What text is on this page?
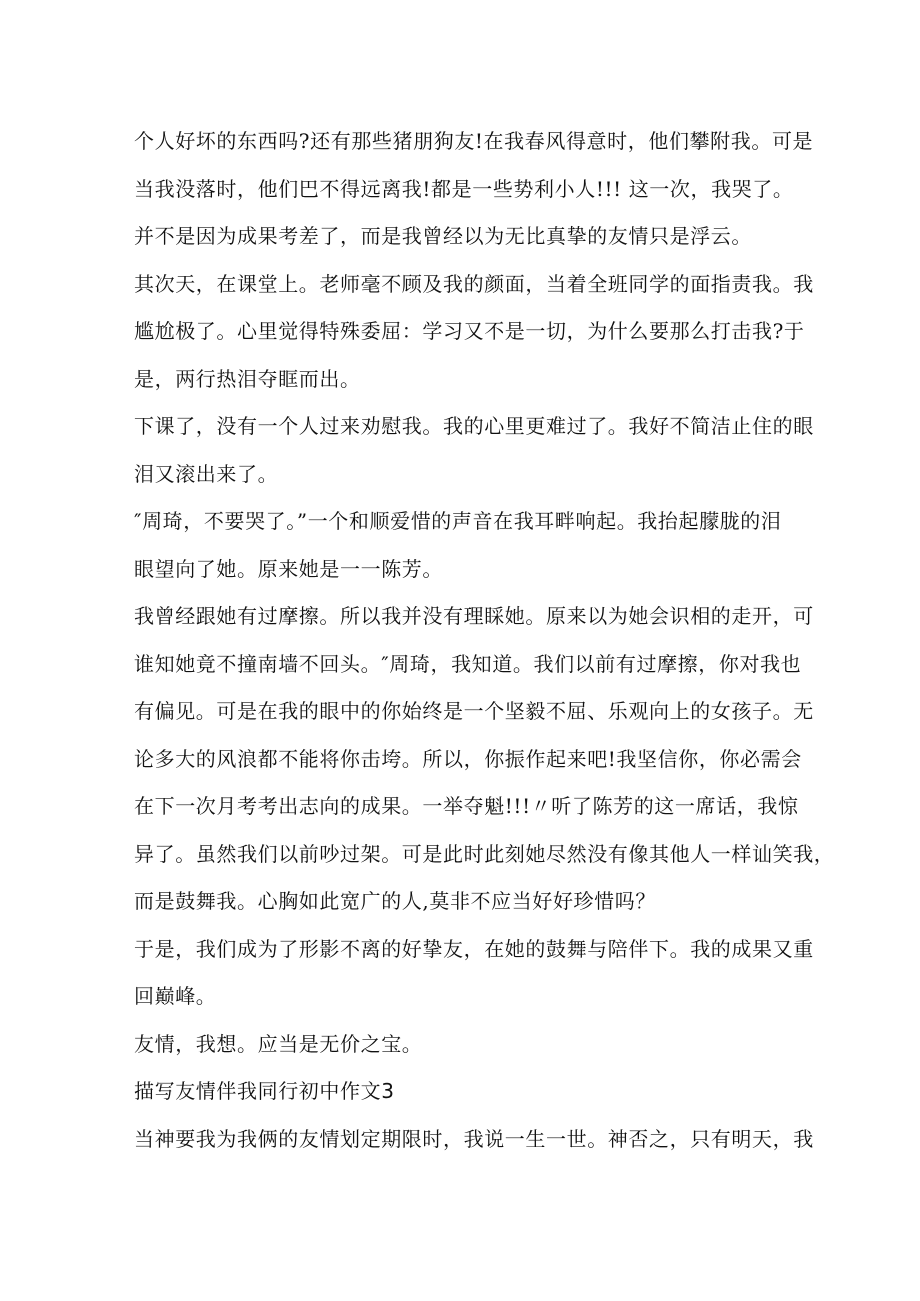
个人好坏的东西吗?还有那些猪朋狗友!在我春风得意时，他们攀附我。可是
当我没落时，他们巴不得远离我!都是一些势利小人!!! 这一次，我哭了。
并不是因为成果考差了，而是我曾经以为无比真挚的友情只是浮云。
其次天，在课堂上。老师毫不顾及我的颜面，当着全班同学的面指责我。我
尴尬极了。心里觉得特殊委屈：学习又不是一切，为什么要那么打击我?于
是，两行热泪夺眶而出。
下课了，没有一个人过来劝慰我。我的心里更难过了。我好不简洁止住的眼
泪又滚出来了。
″周琦，不要哭了。”一个和顺爱惜的声音在我耳畔响起。我抬起朦胧的泪
眼望向了她。原来她是一一陈芳。
我曾经跟她有过摩擦。所以我并没有理睬她。原来以为她会识相的走开，可
谁知她竟不撞南墙不回头。″周琦，我知道。我们以前有过摩擦，你对我也
有偏见。可是在我的眼中的你始终是一个坚毅不屈、乐观向上的女孩子。无
论多大的风浪都不能将你击垮。所以，你振作起来吧!我坚信你，你必需会
在下一次月考考出志向的成果。一举夺魁!!!〃听了陈芳的这一席话，我惊
异了。虽然我们以前吵过架。可是此时此刻她尽然没有像其他人一样讪笑我，
而是鼓舞我。心胸如此宽广的人,莫非不应当好好珍惜吗？
于是，我们成为了形影不离的好挚友，在她的鼓舞与陪伴下。我的成果又重
回巅峰。
友情，我想。应当是无价之宝。
描写友情伴我同行初中作文3
当神要我为我俩的友情划定期限时，我说一生一世。神否之，只有明天，我
